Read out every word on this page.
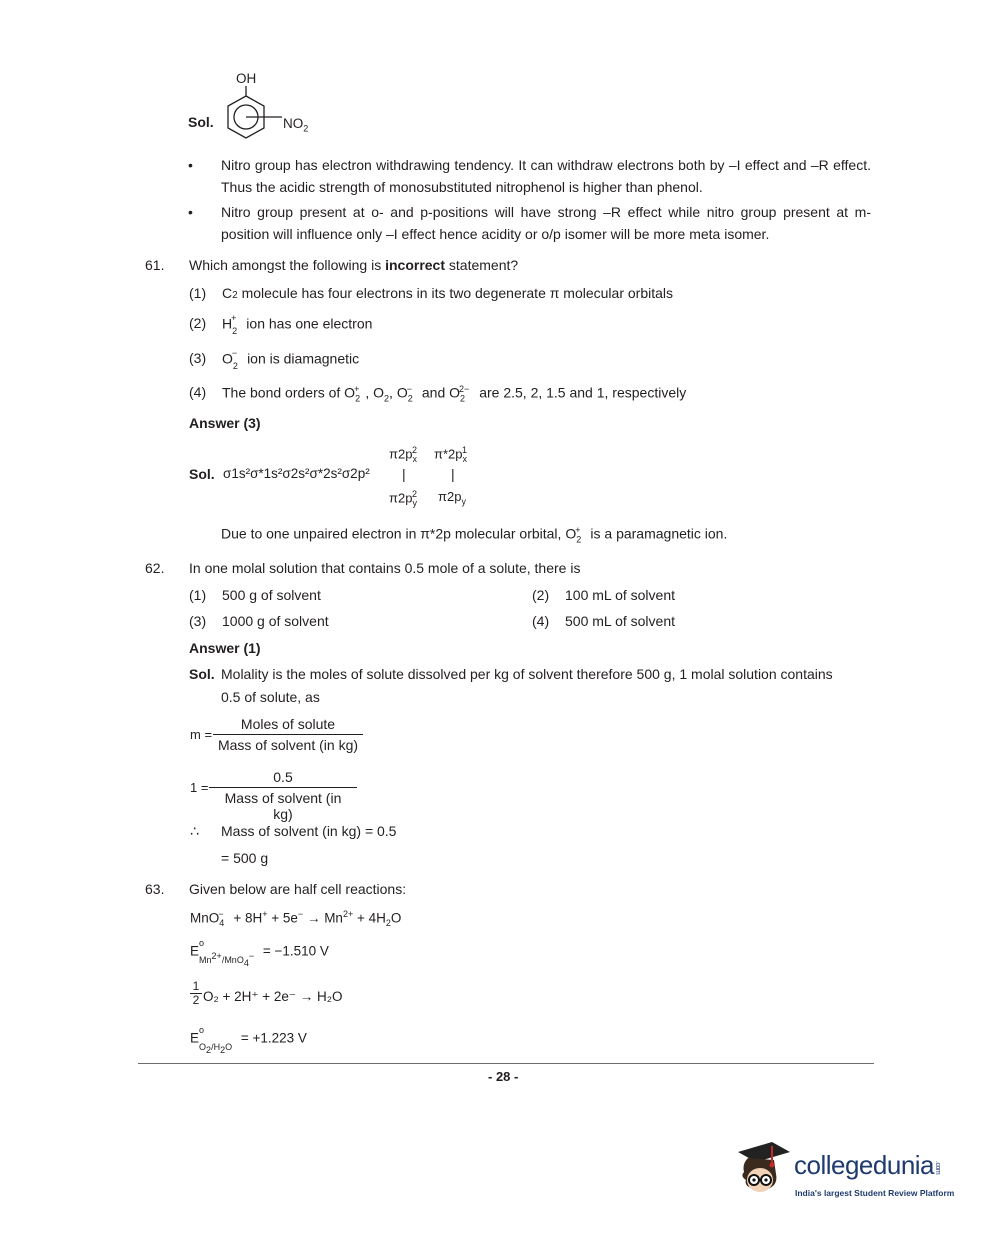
Sol.
OH
$NO_2$
• Nitro group has electron withdrawing tendency. It can withdraw electrons both by –I effect and –R effect. Thus the acidic strength of monosubstituted nitrophenol is higher than phenol.
• Nitro group present at o- and p-positions will have strong –R effect while nitro group present at m-position will influence only –I effect hence acidity or o/p isomer will be more meta isomer.
61. Which amongst the following is incorrect statement?
(1) C2 molecule has four electrons in its two degenerate π molecular orbitals
(2) $H_2^+$ ion has one electron
(3) $O_2^-$ ion is diamagnetic
(4) The bond orders of $O_2^+$ , $O_2$, $O_2^-$ and $O_2^{2-}$ are 2.5, 2, 1.5 and 1, respectively
Answer (3)
$\pi 2p_x^2$	$\pi*2p_x^1$
Sol. σ1s²σ*1s²σ2s²σ*2s²σ2p² |	|
$\pi 2p_y^2$	$\pi 2p_y$
Due to one unpaired electron in π*2p molecular orbital, $O_2^+$ is a paramagnetic ion.
62. In one molal solution that contains 0.5 mole of a solute, there is
(1) 500 g of solvent	(2) 100 mL of solvent
(3) 1000 g of solvent	(4) 500 mL of solvent
Answer (1)
Sol. Molality is the moles of solute dissolved per kg of solvent therefore 500 g, 1 molal solution contains
0.5 of solute, as
m =
Moles of solute
Mass of solvent (in kg)
1 =
0.5
Mass of solvent (in kg)
∴ Mass of solvent (in kg) = 0.5
= 500 g
63. Given below are half cell reactions:
$MnO_4^- + 8H^+ + 5e^- \to Mn^{2+} + 4H_2O$
$E^o_{Mn^{2+}/MnO_4^-} = -1.510$ V
$\frac{1}{2} O_2 + 2H^+ + 2e^- \to H_2O$
$E^o_{O_2/H_2O} = +1.223$ V
- 28 -
collegedunia.com
India's largest Student Review Platform
